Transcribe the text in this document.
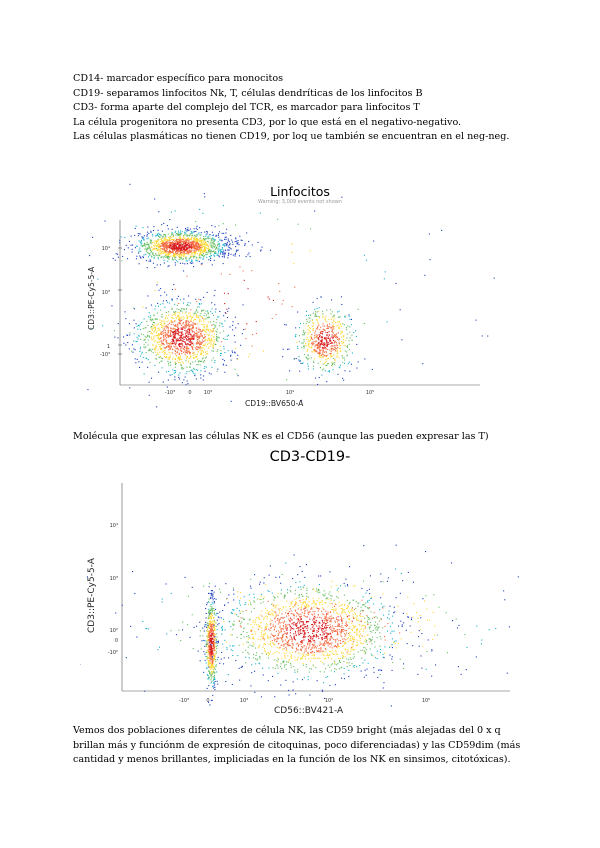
CD14- marcador específico para monocitos

CD19- separamos linfocitos Nk, T, células dendríticas de los linfocitos B

CD3- forma aparte del complejo del TCR, es marcador para linfocitos T

La célula progenitora no presenta CD3, por lo que está en el negativo-negativo.

Las células plasmáticas no tienen CD19, por loq ue también se encuentran en el neg-neg.

Linfocitos
Warning: 3,009 events not shown
10⁴
10³
1
-10³
-10³	0 10³	10⁴	10⁵
CD19::BV650-A
CD3::PE-Cy5-5-A

Molécula que expresan las células NK es el CD56 (aunque las pueden expresar las T)

CD3-CD19-
10⁴
10³
10²
0
-10²
-10³	0	10³	10⁴	10⁵
CD56::BV421-A
CD3::PE-Cy5-5-A

Vemos dos poblaciones diferentes de célula NK, las CD59 bright (más alejadas del 0 x q brillan más y funciónm de expresión de citoquinas, poco diferenciadas) y las CD59dim (más cantidad y menos brillantes, impliciadas en la función de los NK en sinsimos, citotóxicas).
